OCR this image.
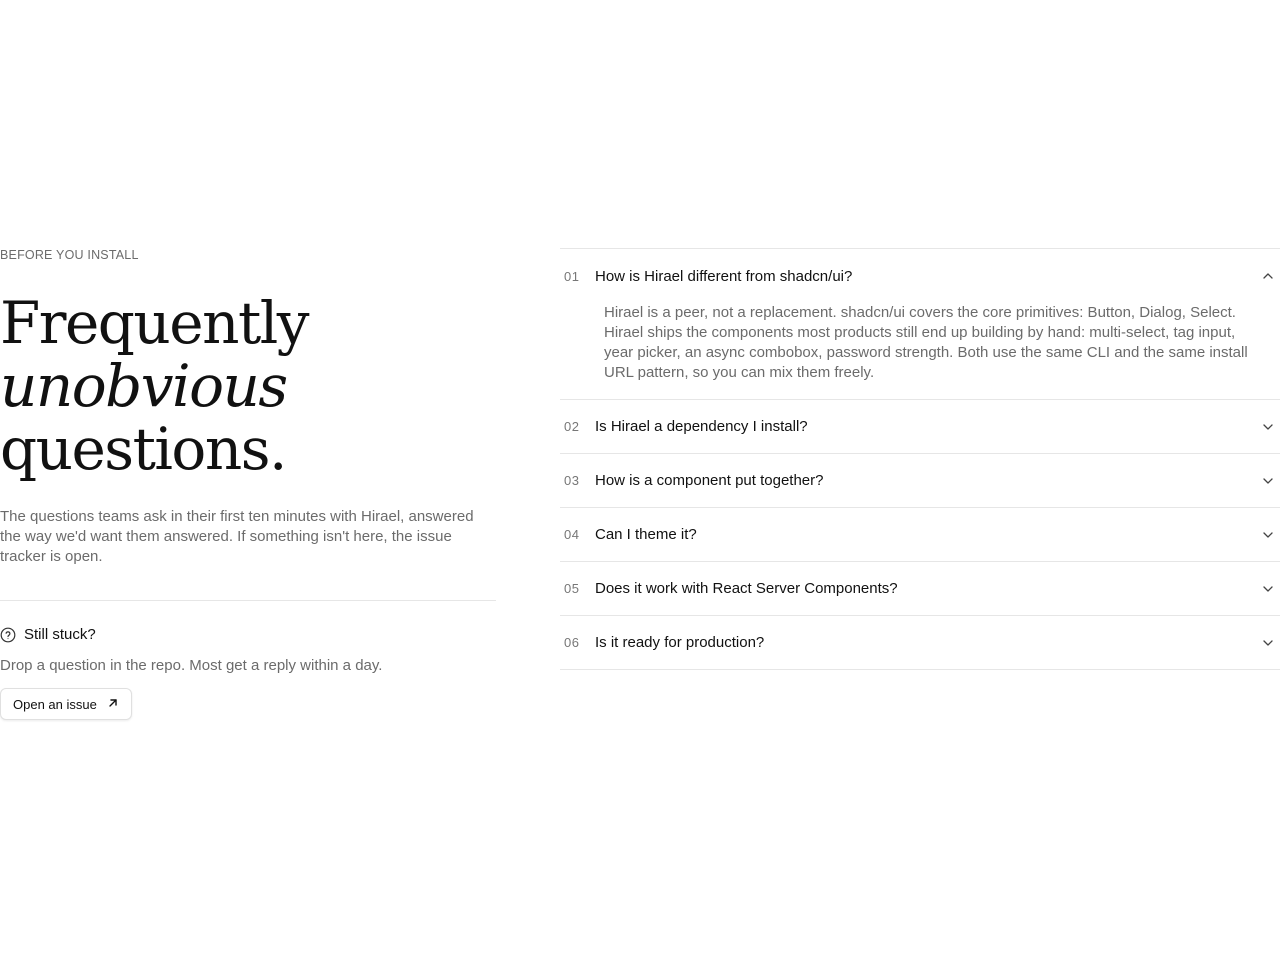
BEFORE YOU INSTALL
Frequently
unobvious
questions.

The questions teams ask in their first ten minutes with Hirael, answered the way we'd want them answered. If something isn't here, the issue tracker is open.

Still stuck?

Drop a question in the repo. Most get a reply within a day.

Open an issue
01	How is Hirael different from shadcn/ui?

Hirael is a peer, not a replacement. shadcn/ui covers the core primitives: Button, Dialog, Select. Hirael ships the components most products still end up building by hand: multi-select, tag input, year picker, an async combobox, password strength. Both use the same CLI and the same install URL pattern, so you can mix them freely.

02	Is Hirael a dependency I install?
03	How is a component put together?
04	Can I theme it?
05	Does it work with React Server Components?
06	Is it ready for production?
